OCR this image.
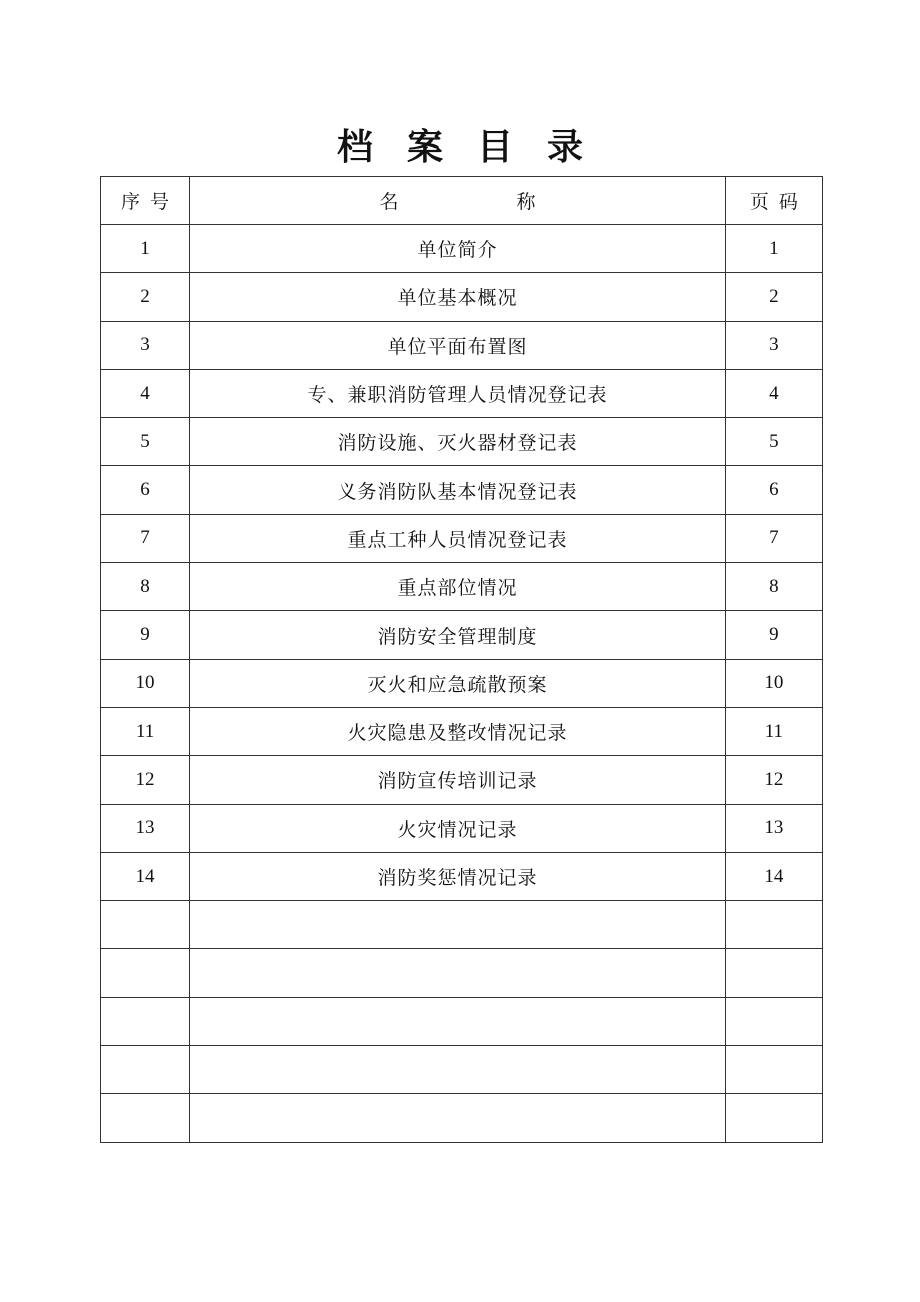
档案目录
序号	名 称	页码
1	单位简介	1
2	单位基本概况	2
3	单位平面布置图	3
4	专、兼职消防管理人员情况登记表	4
5	消防设施、灭火器材登记表	5
6	义务消防队基本情况登记表	6
7	重点工种人员情况登记表	7
8	重点部位情况	8
9	消防安全管理制度	9
10	灭火和应急疏散预案	10
11	火灾隐患及整改情况记录	11
12	消防宣传培训记录	12
13	火灾情况记录	13
14	消防奖惩情况记录	14
